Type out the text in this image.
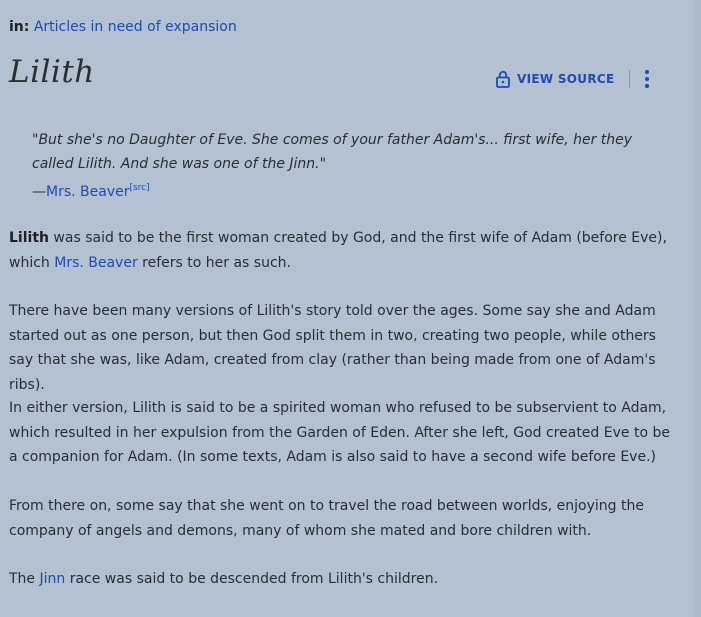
in: Articles in need of expansion
Lilith	VIEW SOURCE
"But she's no Daughter of Eve. She comes of your father Adam's... first wife, her they called Lilith. And she was one of the Jinn."
—Mrs. Beaver[src]
Lilith was said to be the first woman created by God, and the first wife of Adam (before Eve), which Mrs. Beaver refers to her as such.
There have been many versions of Lilith's story told over the ages. Some say she and Adam started out as one person, but then God split them in two, creating two people, while others say that she was, like Adam, created from clay (rather than being made from one of Adam's ribs).
In either version, Lilith is said to be a spirited woman who refused to be subservient to Adam, which resulted in her expulsion from the Garden of Eden. After she left, God created Eve to be a companion for Adam. (In some texts, Adam is also said to have a second wife before Eve.)
From there on, some say that she went on to travel the road between worlds, enjoying the company of angels and demons, many of whom she mated and bore children with.
The Jinn race was said to be descended from Lilith's children.
